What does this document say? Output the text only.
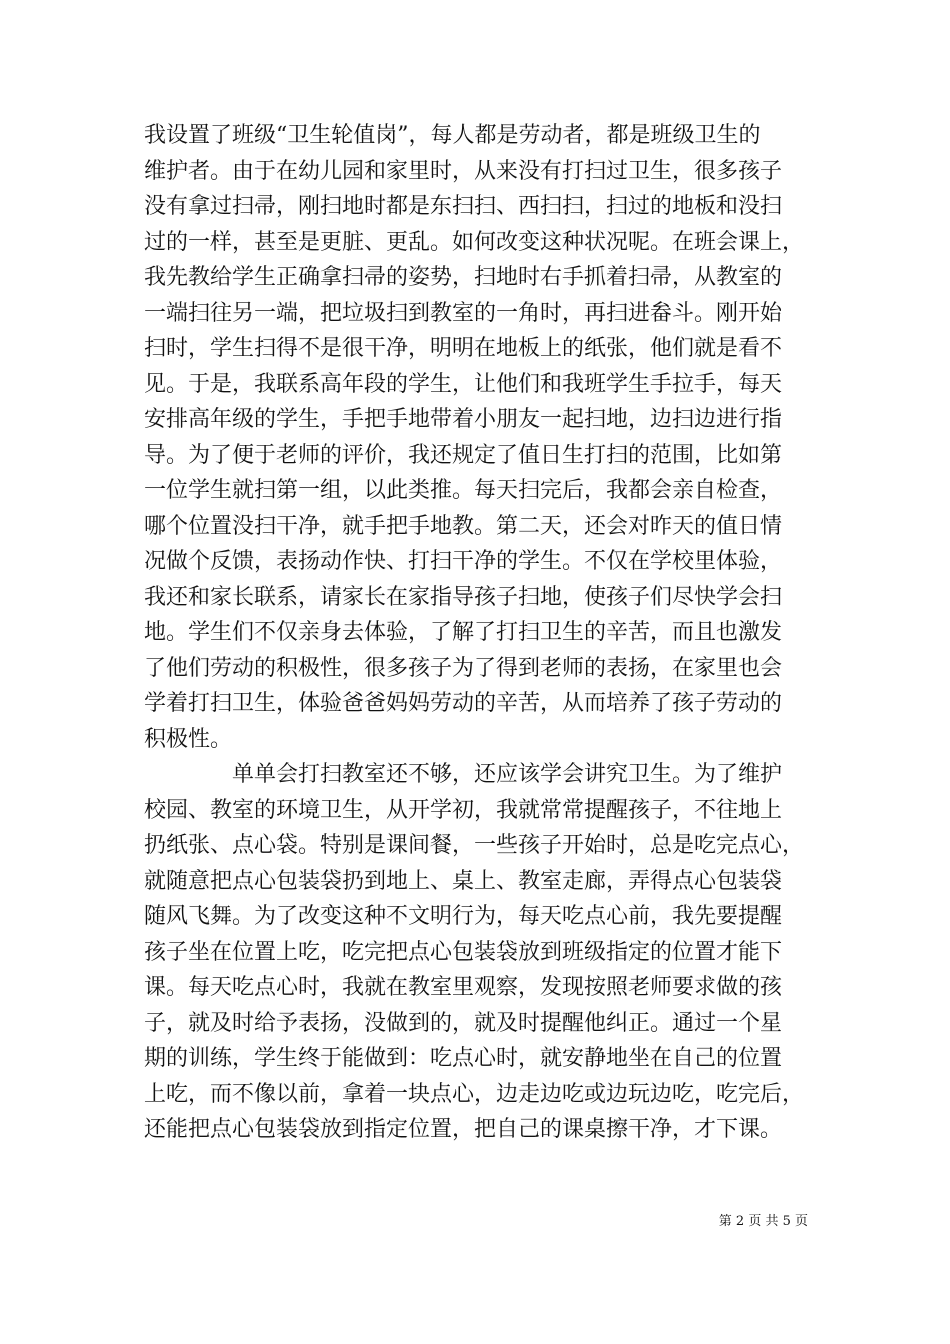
我设置了班级“卫生轮值岗”，每人都是劳动者，都是班级卫生的
维护者。由于在幼儿园和家里时，从来没有打扫过卫生，很多孩子
没有拿过扫帚，刚扫地时都是东扫扫、西扫扫，扫过的地板和没扫
过的一样，甚至是更脏、更乱。如何改变这种状况呢。在班会课上，
我先教给学生正确拿扫帚的姿势，扫地时右手抓着扫帚，从教室的
一端扫往另一端，把垃圾扫到教室的一角时，再扫进畚斗。刚开始
扫时，学生扫得不是很干净，明明在地板上的纸张，他们就是看不
见。于是，我联系高年段的学生，让他们和我班学生手拉手，每天
安排高年级的学生，手把手地带着小朋友一起扫地，边扫边进行指
导。为了便于老师的评价，我还规定了值日生打扫的范围，比如第
一位学生就扫第一组，以此类推。每天扫完后，我都会亲自检查，
哪个位置没扫干净，就手把手地教。第二天，还会对昨天的值日情
况做个反馈，表扬动作快、打扫干净的学生。不仅在学校里体验，
我还和家长联系，请家长在家指导孩子扫地，使孩子们尽快学会扫
地。学生们不仅亲身去体验，了解了打扫卫生的辛苦，而且也激发
了他们劳动的积极性，很多孩子为了得到老师的表扬，在家里也会
学着打扫卫生，体验爸爸妈妈劳动的辛苦，从而培养了孩子劳动的
积极性。
　　　　单单会打扫教室还不够，还应该学会讲究卫生。为了维护
校园、教室的环境卫生，从开学初，我就常常提醒孩子，不往地上
扔纸张、点心袋。特别是课间餐，一些孩子开始时，总是吃完点心，
就随意把点心包装袋扔到地上、桌上、教室走廊，弄得点心包装袋
随风飞舞。为了改变这种不文明行为，每天吃点心前，我先要提醒
孩子坐在位置上吃，吃完把点心包装袋放到班级指定的位置才能下
课。每天吃点心时，我就在教室里观察，发现按照老师要求做的孩
子，就及时给予表扬，没做到的，就及时提醒他纠正。通过一个星
期的训练，学生终于能做到：吃点心时，就安静地坐在自己的位置
上吃，而不像以前，拿着一块点心，边走边吃或边玩边吃，吃完后，
还能把点心包装袋放到指定位置，把自己的课桌擦干净，才下课。
第 2 页 共 5 页
